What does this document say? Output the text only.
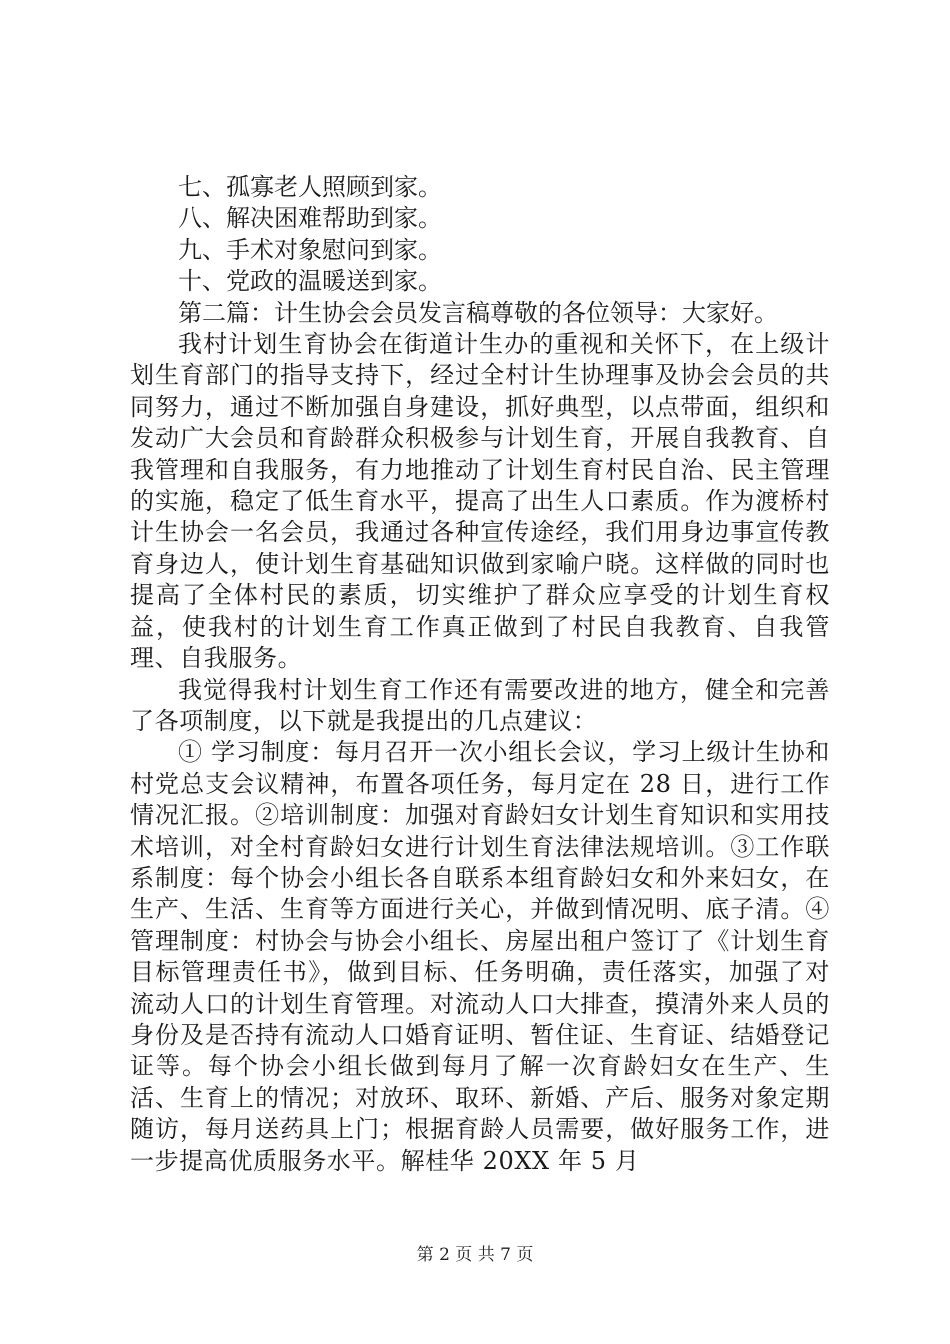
七、孤寡老人照顾到家。

八、解决困难帮助到家。

九、手术对象慰问到家。

十、党政的温暖送到家。

第二篇：计生协会会员发言稿尊敬的各位领导：大家好。

我村计划生育协会在街道计生办的重视和关怀下，在上级计划生育部门的指导支持下，经过全村计生协理事及协会会员的共同努力，通过不断加强自身建设，抓好典型，以点带面，组织和发动广大会员和育龄群众积极参与计划生育，开展自我教育、自我管理和自我服务，有力地推动了计划生育村民自治、民主管理的实施，稳定了低生育水平，提高了出生人口素质。作为渡桥村计生协会一名会员，我通过各种宣传途经，我们用身边事宣传教育身边人，使计划生育基础知识做到家喻户晓。这样做的同时也提高了全体村民的素质，切实维护了群众应享受的计划生育权益，使我村的计划生育工作真正做到了村民自我教育、自我管理、自我服务。

我觉得我村计划生育工作还有需要改进的地方，健全和完善了各项制度，以下就是我提出的几点建议：

① 学习制度：每月召开一次小组长会议，学习上级计生协和村党总支会议精神，布置各项任务，每月定在 28 日，进行工作情况汇报。②培训制度：加强对育龄妇女计划生育知识和实用技术培训，对全村育龄妇女进行计划生育法律法规培训。③工作联系制度：每个协会小组长各自联系本组育龄妇女和外来妇女，在生产、生活、生育等方面进行关心，并做到情况明、底子清。④管理制度：村协会与协会小组长、房屋出租户签订了《计划生育目标管理责任书》，做到目标、任务明确，责任落实，加强了对流动人口的计划生育管理。对流动人口大排查，摸清外来人员的身份及是否持有流动人口婚育证明、暂住证、生育证、结婚登记证等。每个协会小组长做到每月了解一次育龄妇女在生产、生活、生育上的情况；对放环、取环、新婚、产后、服务对象定期随访，每月送药具上门；根据育龄人员需要，做好服务工作，进一步提高优质服务水平。解桂华 20XX 年 5 月

第 2 页 共 7 页
